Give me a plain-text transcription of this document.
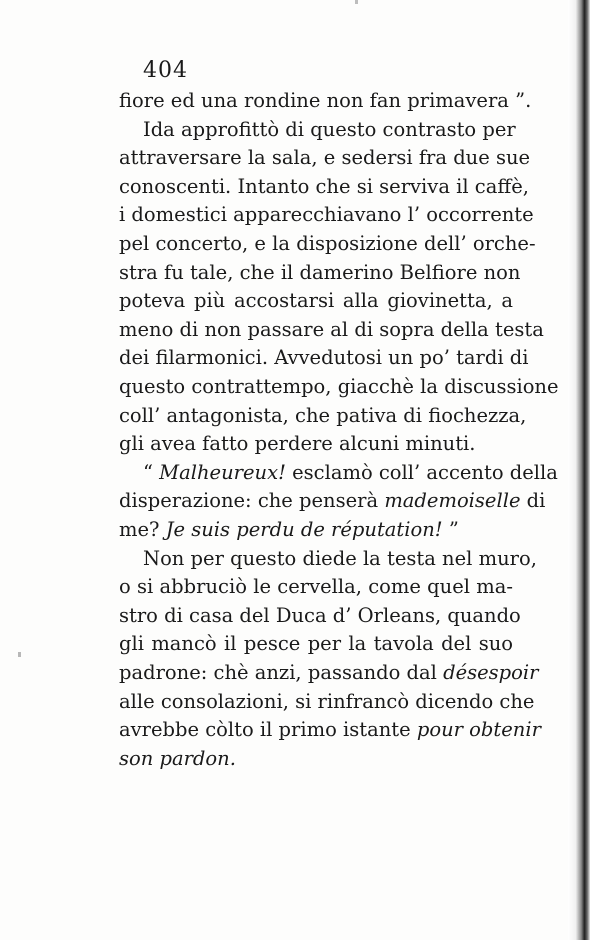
404
fiore ed una rondine non fan primavera ”.
Ida approfittò di questo contrasto per
attraversare la sala, e sedersi fra due sue
conoscenti. Intanto che si serviva il caffè,
i domestici apparecchiavano l’ occorrente
pel concerto, e la disposizione dell’ orche-
stra fu tale, che il damerino Belfiore non
poteva più accostarsi alla giovinetta, a
meno di non passare al di sopra della testa
dei filarmonici. Avvedutosi un po’ tardi di
questo contrattempo, giacchè la discussione
coll’ antagonista, che pativa di fiochezza,
gli avea fatto perdere alcuni minuti.
“ Malheureux! esclamò coll’ accento della
disperazione: che penserà mademoiselle di
me? Je suis perdu de réputation! ”
Non per questo diede la testa nel muro,
o si abbruciò le cervella, come quel ma-
stro di casa del Duca d’ Orleans, quando
gli mancò il pesce per la tavola del suo
padrone: chè anzi, passando dal désespoir
alle consolazioni, si rinfrancò dicendo che
avrebbe còlto il primo istante pour obtenir
son pardon.
